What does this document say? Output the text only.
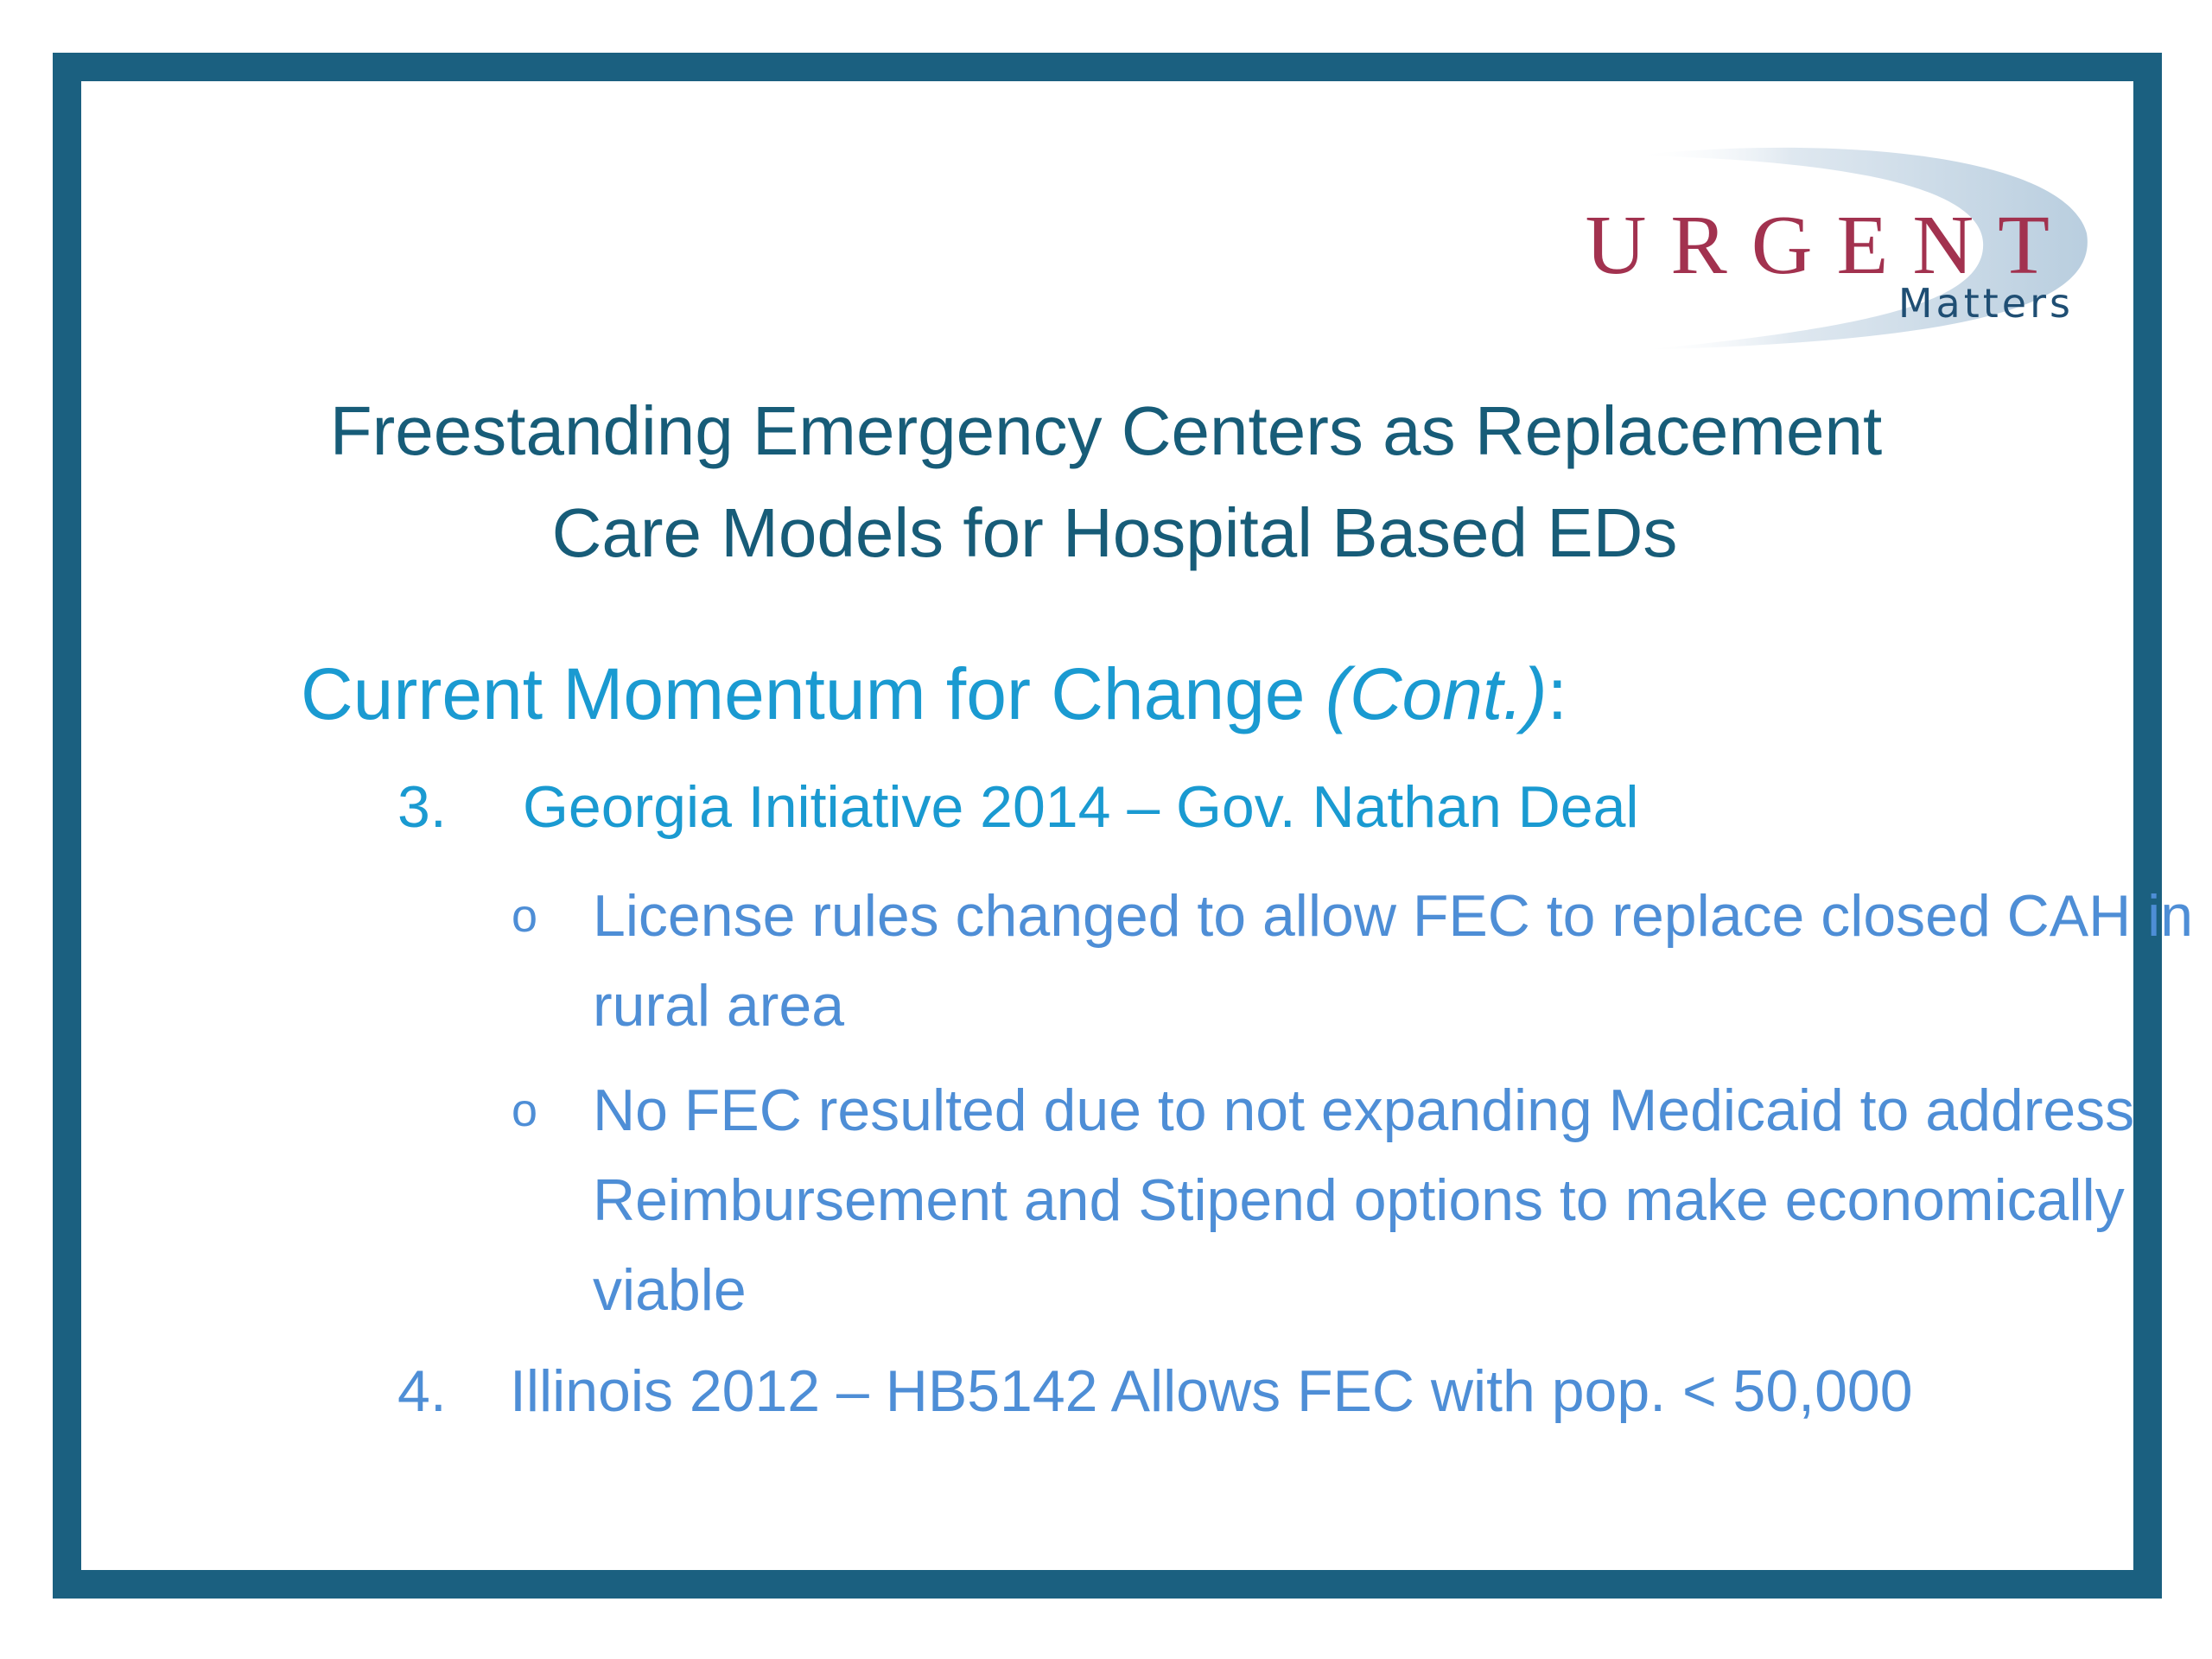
URGENT
Matters
Freestanding Emergency Centers as Replacement
Care Models for Hospital Based EDs
Current Momentum for Change (Cont.):
3. Georgia Initiative 2014 – Gov. Nathan Deal
o License rules changed to allow FEC to replace closed CAH in rural area
o No FEC resulted due to not expanding Medicaid to address Reimbursement and Stipend options to make economically viable
4. Illinois 2012 – HB5142 Allows FEC with pop. < 50,000
